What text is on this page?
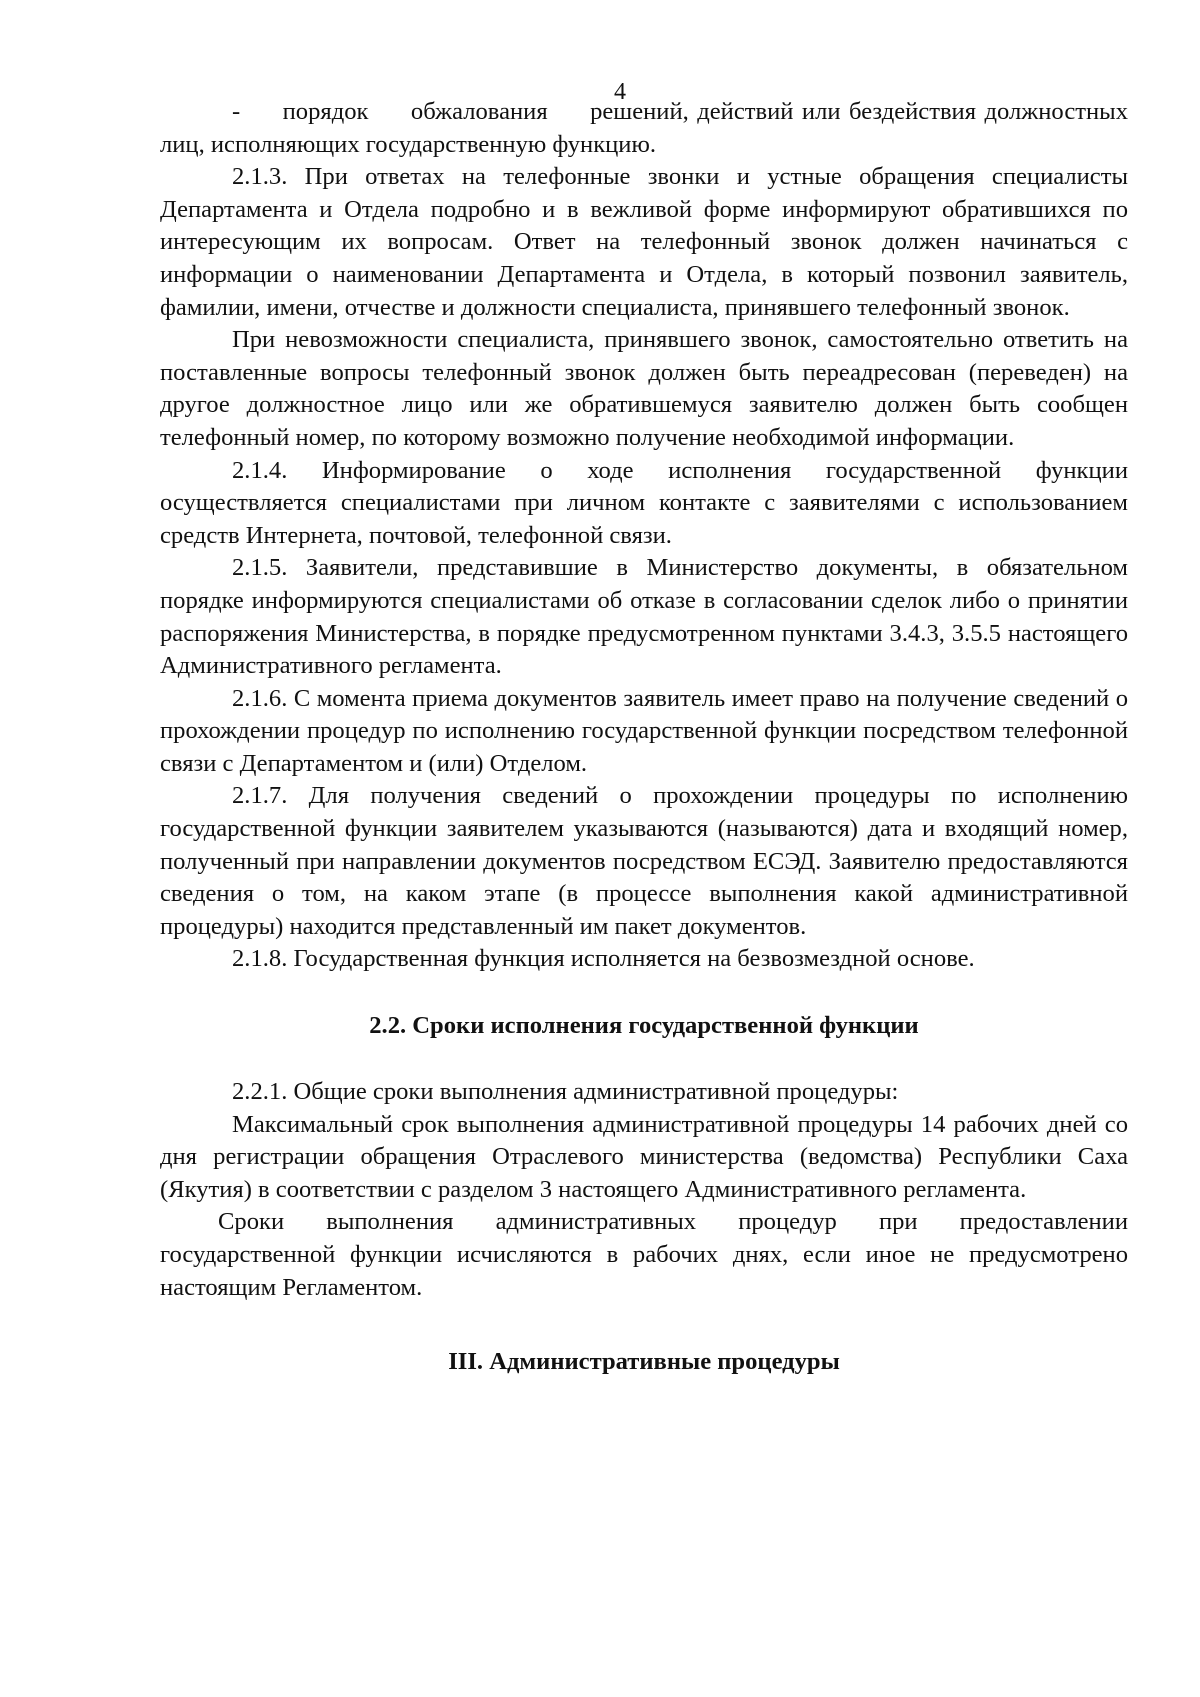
4

-     порядок     обжалования     решений, действий или бездействия должностных лиц, исполняющих государственную функцию.

2.1.3. При ответах на телефонные звонки и устные обращения специалисты Департамента и Отдела подробно и в вежливой форме информируют обратившихся по интересующим их вопросам. Ответ на телефонный звонок должен начинаться с информации о наименовании Департамента и Отдела, в который позвонил заявитель, фамилии, имени, отчестве и должности специалиста, принявшего телефонный звонок.

При невозможности специалиста, принявшего звонок, самостоятельно ответить на поставленные вопросы телефонный звонок должен быть переадресован (переведен) на другое должностное лицо или же обратившемуся заявителю должен быть сообщен телефонный номер, по которому возможно получение необходимой информации.

2.1.4. Информирование о ходе исполнения государственной функции осуществляется специалистами при личном контакте с заявителями с использованием средств Интернета, почтовой, телефонной связи.

2.1.5. Заявители, представившие в Министерство документы, в обязательном порядке информируются специалистами об отказе в согласовании сделок либо о принятии распоряжения Министерства, в порядке предусмотренном пунктами 3.4.3, 3.5.5 настоящего Административного регламента.

2.1.6. С момента приема документов заявитель имеет право на получение сведений о прохождении процедур по исполнению государственной функции посредством телефонной связи с Департаментом и (или) Отделом.

2.1.7. Для получения сведений о прохождении процедуры по исполнению государственной функции заявителем указываются (называются) дата и входящий номер, полученный при направлении документов посредством ЕСЭД. Заявителю предоставляются сведения о том, на каком этапе (в процессе выполнения какой административной процедуры) находится представленный им пакет документов.

2.1.8. Государственная функция исполняется на безвозмездной основе.

2.2. Сроки исполнения государственной функции

2.2.1. Общие сроки выполнения административной процедуры:

Максимальный срок выполнения административной процедуры 14 рабочих дней со дня регистрации обращения Отраслевого министерства (ведомства) Республики Саха (Якутия) в соответствии с разделом 3 настоящего Административного регламента.

Сроки выполнения административных процедур при предоставлении государственной функции исчисляются в рабочих днях, если иное не предусмотрено настоящим Регламентом.

III. Административные процедуры
